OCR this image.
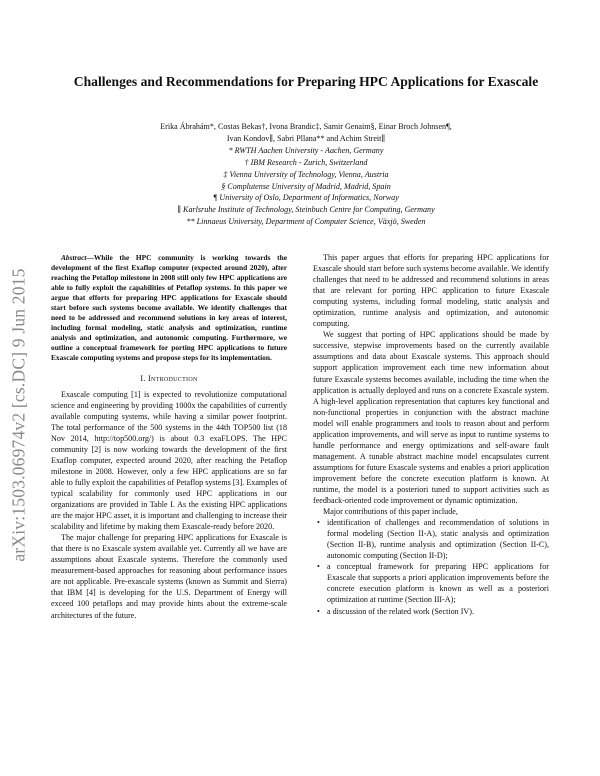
arXiv:1503.06974v2 [cs.DC] 9 Jun 2015
Challenges and Recommendations for Preparing HPC Applications for Exascale
Erika Ábrahám*, Costas Bekas†, Ivona Brandic‡, Samir Genaim§, Einar Broch Johnsen¶,
Ivan Kondov∥, Sabri Pllana** and Achim Streit∥
* RWTH Aachen University - Aachen, Germany
† IBM Research - Zurich, Switzerland
‡ Vienna University of Technology, Vienna, Austria
§ Complutense University of Madrid, Madrid, Spain
¶ University of Oslo, Department of Informatics, Norway
∥ Karlsruhe Institute of Technology, Steinbuch Centre for Computing, Germany
** Linnaeus University, Department of Computer Science, Växjö, Sweden

Abstract—While the HPC community is working towards the development of the first Exaflop computer (expected around 2020), after reaching the Petaflop milestone in 2008 still only few HPC applications are able to fully exploit the capabilities of Petaflop systems. In this paper we argue that efforts for preparing HPC applications for Exascale should start before such systems become available. We identify challenges that need to be addressed and recommend solutions in key areas of interest, including formal modeling, static analysis and optimization, runtime analysis and optimization, and autonomic computing. Furthermore, we outline a conceptual framework for porting HPC applications to future Exascale computing systems and propose steps for its implementation.

I. Introduction

Exascale computing [1] is expected to revolutionize computational science and engineering by providing 1000x the capabilities of currently available computing systems, while having a similar power footprint. The total performance of the 500 systems in the 44th TOP500 list (18 Nov 2014, http://top500.org/) is about 0.3 exaFLOPS. The HPC community [2] is now working towards the development of the first Exaflop computer, expected around 2020, after reaching the Petaflop milestone in 2008. However, only a few HPC applications are so far able to fully exploit the capabilities of Petaflop systems [3]. Examples of typical scalability for commonly used HPC applications in our organizations are provided in Table I. As the existing HPC applications are the major HPC asset, it is important and challenging to increase their scalability and lifetime by making them Exascale-ready before 2020.

The major challenge for preparing HPC applications for Exascale is that there is no Exascale system available yet. Currently all we have are assumptions about Exascale systems. Therefore the commonly used measurement-based approaches for reasoning about performance issues are not applicable. Pre-exascale systems (known as Summit and Sierra) that IBM [4] is developing for the U.S. Department of Energy will exceed 100 petaflops and may provide hints about the extreme-scale architectures of the future.

This paper argues that efforts for preparing HPC applications for Exascale should start before such systems become available. We identify challenges that need to be addressed and recommend solutions in areas that are relevant for porting HPC application to future Exascale computing systems, including formal modeling, static analysis and optimization, runtime analysis and optimization, and autonomic computing.

We suggest that porting of HPC applications should be made by successive, stepwise improvements based on the currently available assumptions and data about Exascale systems. This approach should support application improvement each time new information about future Exascale systems becomes available, including the time when the application is actually deployed and runs on a concrete Exascale system. A high-level application representation that captures key functional and non-functional properties in conjunction with the abstract machine model will enable programmers and tools to reason about and perform application improvements, and will serve as input to runtime systems to handle performance and energy optimizations and self-aware fault management. A tunable abstract machine model encapsulates current assumptions for future Exascale systems and enables a priori application improvement before the concrete execution platform is known. At runtime, the model is a posteriori tuned to support activities such as feedback-oriented code improvement or dynamic optimization.

Major contributions of this paper include,

• identification of challenges and recommendation of solutions in formal modeling (Section II-A), static analysis and optimization (Section II-B), runtime analysis and optimization (Section II-C), autonomic computing (Section II-D);
• a conceptual framework for preparing HPC applications for Exascale that supports a priori application improvements before the concrete execution platform is known as well as a posteriori optimization at runtime (Section III-A);
• a discussion of the related work (Section IV).
